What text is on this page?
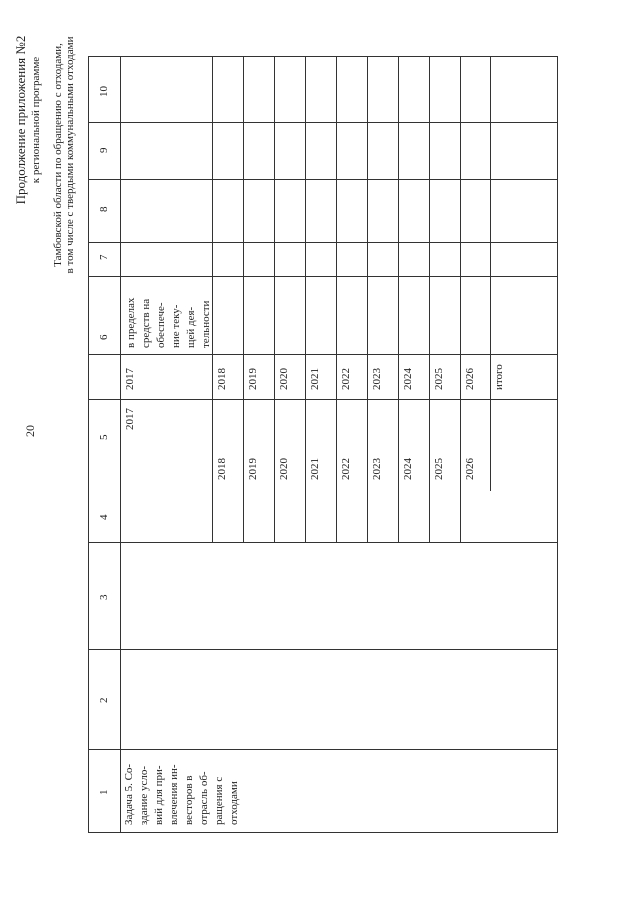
20
Продолжение приложения №2 к региональной программе Тамбовской области по обращению с отходами, в том числе с твердыми коммунальными отходами
1
2
3
4
5
6
7
8
9
10
Задача 5. Со-
здание усло-
вий для при-
влечения ин-
весторов в
отрасль об-
ращения с
отходами
2017
2018 2019 2020 2021 2022 2023 2024 2025 2026
2017	2018 2019 2020 2021 2022 2023 2024 2025 2026 итого
в пределах
средств на
обеспече-
ние теку-
щей дея-
тельности
